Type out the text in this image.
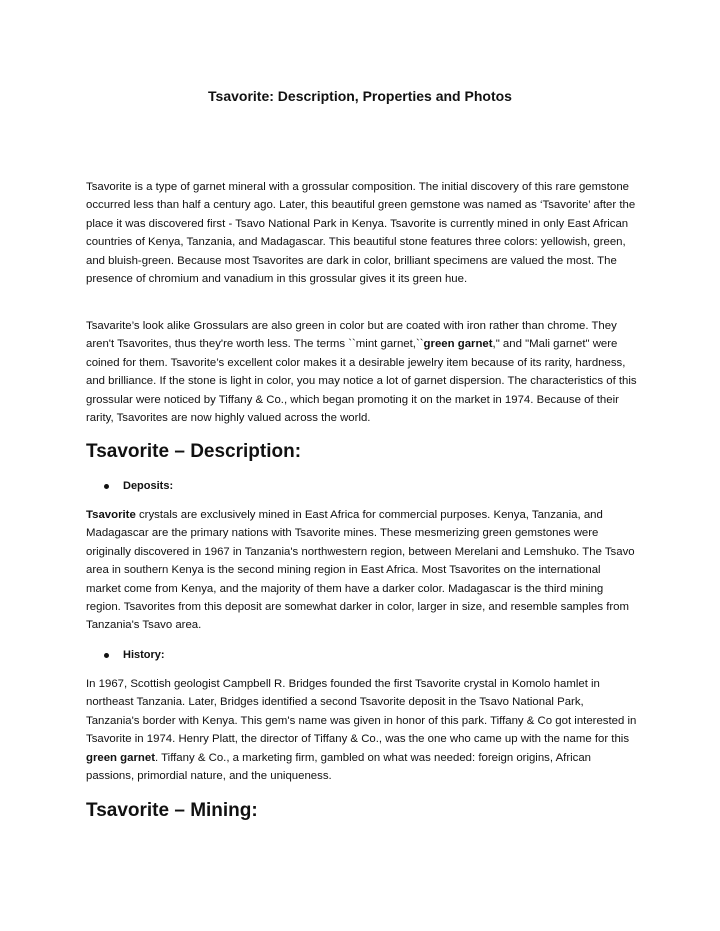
Tsavorite: Description, Properties and Photos

Tsavorite is a type of garnet mineral with a grossular composition. The initial discovery of this rare gemstone occurred less than half a century ago. Later, this beautiful green gemstone was named as ‘Tsavorite’ after the place it was discovered first - Tsavo National Park in Kenya. Tsavorite is currently mined in only East African countries of Kenya, Tanzania, and Madagascar. This beautiful stone features three colors: yellowish, green, and bluish-green. Because most Tsavorites are dark in color, brilliant specimens are valued the most. The presence of chromium and vanadium in this grossular gives it its green hue.

Tsavarite’s look alike Grossulars are also green in color but are coated with iron rather than chrome. They aren't Tsavorites, thus they're worth less. The terms ``mint garnet,``green garnet," and "Mali garnet" were coined for them. Tsavorite’s excellent color makes it a desirable jewelry item because of its rarity, hardness, and brilliance. If the stone is light in color, you may notice a lot of garnet dispersion. The characteristics of this grossular were noticed by Tiffany & Co., which began promoting it on the market in 1974. Because of their rarity, Tsavorites are now highly valued across the world.

Tsavorite – Description:
Deposits:

Tsavorite crystals are exclusively mined in East Africa for commercial purposes. Kenya, Tanzania, and Madagascar are the primary nations with Tsavorite mines. These mesmerizing green gemstones were originally discovered in 1967 in Tanzania's northwestern region, between Merelani and Lemshuko. The Tsavo area in southern Kenya is the second mining region in East Africa. Most Tsavorites on the international market come from Kenya, and the majority of them have a darker color. Madagascar is the third mining region. Tsavorites from this deposit are somewhat darker in color, larger in size, and resemble samples from Tanzania's Tsavo area.

History:

In 1967, Scottish geologist Campbell R. Bridges founded the first Tsavorite crystal in Komolo hamlet in northeast Tanzania. Later, Bridges identified a second Tsavorite deposit in the Tsavo National Park, Tanzania's border with Kenya. This gem's name was given in honor of this park. Tiffany & Co got interested in Tsavorite in 1974. Henry Platt, the director of Tiffany & Co., was the one who came up with the name for this green garnet. Tiffany & Co., a marketing firm, gambled on what was needed: foreign origins, African passions, primordial nature, and the uniqueness.

Tsavorite – Mining:
